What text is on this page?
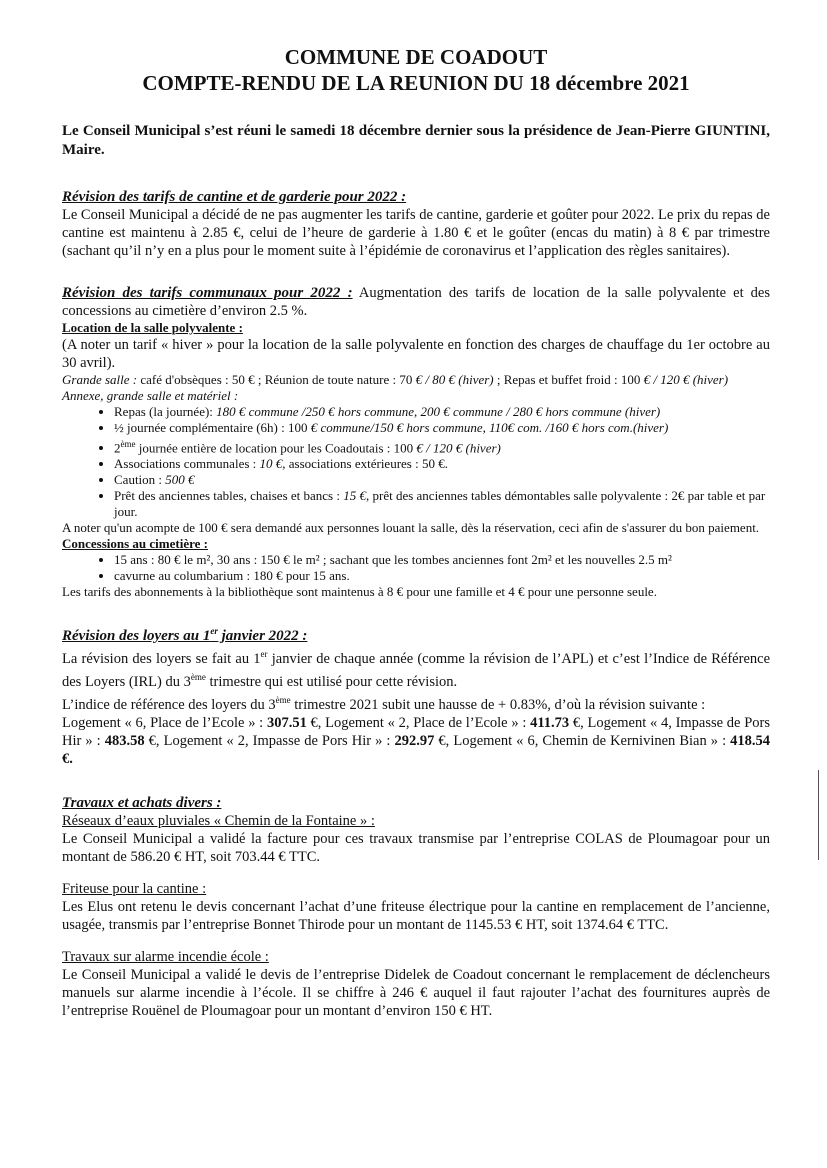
COMMUNE DE COADOUT
COMPTE-RENDU DE LA REUNION DU 18 décembre 2021
Le Conseil Municipal s’est réuni le samedi 18 décembre dernier sous la présidence de Jean-Pierre GIUNTINI, Maire.
Révision des tarifs de cantine et de garderie pour 2022 :
Le Conseil Municipal a décidé de ne pas augmenter les tarifs de cantine, garderie et goûter pour 2022. Le prix du repas de cantine est maintenu à 2.85 €, celui de l’heure de garderie à 1.80 € et le goûter (encas du matin) à 8 € par trimestre (sachant qu’il n’y en a plus pour le moment suite à l’épidémie de coronavirus et l’application des règles sanitaires).
Révision des tarifs communaux pour 2022 : Augmentation des tarifs de location de la salle polyvalente et des concessions au cimetière d’environ 2.5 %.
Location de la salle polyvalente :
(A noter un tarif « hiver » pour la location de la salle polyvalente en fonction des charges de chauffage du 1er octobre au 30 avril).
Grande salle : café d'obsèques : 50 € ; Réunion de toute nature : 70 € / 80 € (hiver) ; Repas et buffet froid : 100 € / 120 € (hiver)
Annexe, grande salle et matériel :
• Repas (la journée): 180 € commune /250 € hors commune, 200 € commune / 280 € hors commune (hiver)
• ½ journée complémentaire (6h) : 100 € commune/150 € hors commune, 110€ com. /160 € hors com.(hiver)
• 2ème journée entière de location pour les Coadoutais : 100 € / 120 € (hiver)
• Associations communales : 10 €, associations extérieures : 50 €.
• Caution : 500 €
• Prêt des anciennes tables, chaises et bancs : 15 €, prêt des anciennes tables démontables salle polyvalente : 2€ par table et par jour.
A noter qu'un acompte de 100 € sera demandé aux personnes louant la salle, dès la réservation, ceci afin de s'assurer du bon paiement.
Concessions au cimetière :
• 15 ans : 80 € le m², 30 ans : 150 € le m² ; sachant que les tombes anciennes font 2m² et les nouvelles 2.5 m²
• cavurne au columbarium : 180 € pour 15 ans.
Les tarifs des abonnements à la bibliothèque sont maintenus à 8 € pour une famille et 4 € pour une personne seule.
Révision des loyers au 1er janvier 2022 :
La révision des loyers se fait au 1er janvier de chaque année (comme la révision de l’APL) et c’est l’Indice de Référence des Loyers (IRL) du 3ème trimestre qui est utilisé pour cette révision.
L’indice de référence des loyers du 3ème trimestre 2021 subit une hausse de + 0.83%, d’où la révision suivante :
Logement « 6, Place de l’Ecole » : 307.51 €, Logement « 2, Place de l’Ecole » : 411.73 €, Logement « 4, Impasse de Pors Hir » : 483.58 €, Logement « 2, Impasse de Pors Hir » : 292.97 €, Logement « 6, Chemin de Kernivinen Bian » : 418.54 €.
Travaux et achats divers :
Réseaux d’eaux pluviales « Chemin de la Fontaine » :
Le Conseil Municipal a validé la facture pour ces travaux transmise par l’entreprise COLAS de Ploumagoar pour un montant de 586.20 € HT, soit 703.44 € TTC.
Friteuse pour la cantine :
Les Elus ont retenu le devis concernant l’achat d’une friteuse électrique pour la cantine en remplacement de l’ancienne, usagée, transmis par l’entreprise Bonnet Thirode pour un montant de 1145.53 € HT, soit 1374.64 € TTC.
Travaux sur alarme incendie école :
Le Conseil Municipal a validé le devis de l’entreprise Didelek de Coadout concernant le remplacement de déclencheurs manuels sur alarme incendie à l’école. Il se chiffre à 246 € auquel il faut rajouter l’achat des fournitures auprès de l’entreprise Rouënel de Ploumagoar pour un montant d’environ 150 € HT.
